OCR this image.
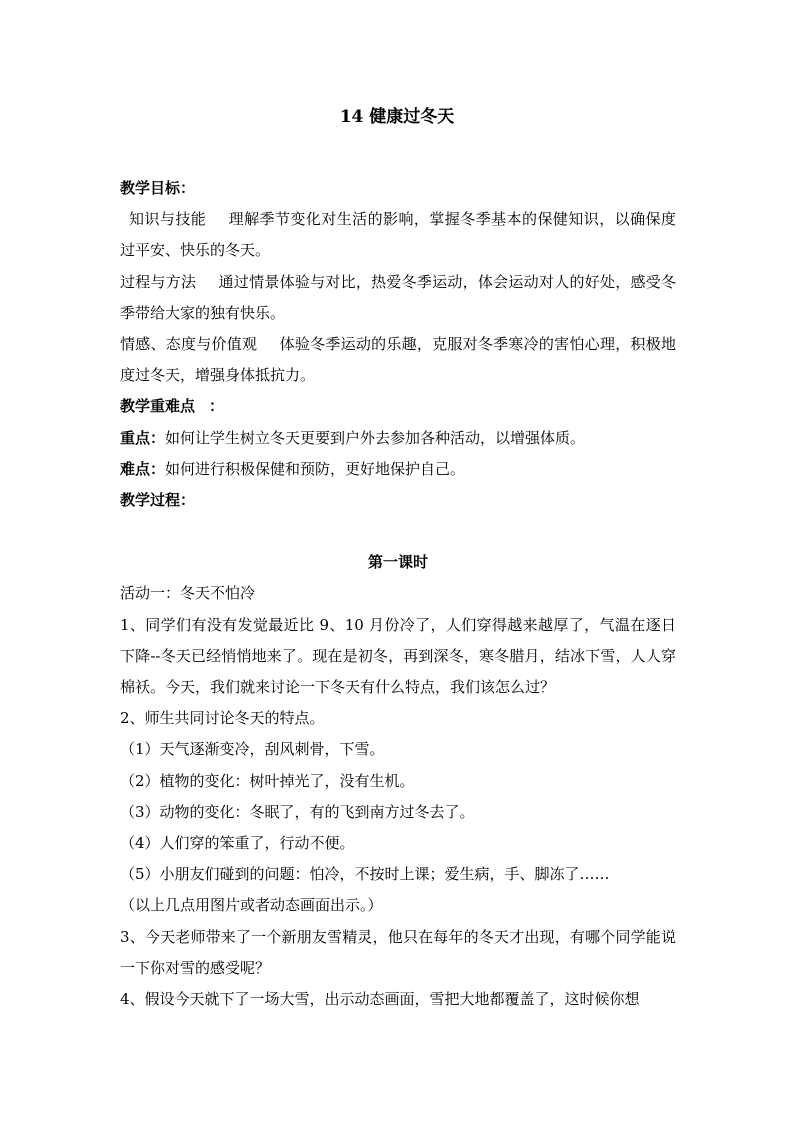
14 健康过冬天

教学目标：

知识与技能 理解季节变化对生活的影响，掌握冬季基本的保健知识，以确保度过平安、快乐的冬天。

过程与方法 通过情景体验与对比，热爱冬季运动，体会运动对人的好处，感受冬季带给大家的独有快乐。

情感、态度与价值观 体验冬季运动的乐趣，克服对冬季寒冷的害怕心理，积极地度过冬天，增强身体抵抗力。

教学重难点 ：

重点：如何让学生树立冬天更要到户外去参加各种活动，以增强体质。

难点：如何进行积极保健和预防，更好地保护自己。

教学过程：

第一课时

活动一：冬天不怕冷

1、同学们有没有发觉最近比 9、10 月份冷了，人们穿得越来越厚了，气温在逐日下降--冬天已经悄悄地来了。现在是初冬，再到深冬，寒冬腊月，结冰下雪，人人穿棉袄。今天，我们就来讨论一下冬天有什么特点，我们该怎么过？

2、师生共同讨论冬天的特点。

（1）天气逐渐变冷，刮风刺骨，下雪。

（2）植物的变化：树叶掉光了，没有生机。

（3）动物的变化：冬眠了，有的飞到南方过冬去了。

（4）人们穿的笨重了，行动不便。

（5）小朋友们碰到的问题：怕冷，不按时上课；爱生病，手、脚冻了……

（以上几点用图片或者动态画面出示。）

3、今天老师带来了一个新朋友雪精灵，他只在每年的冬天才出现，有哪个同学能说一下你对雪的感受呢？

4、假设今天就下了一场大雪，出示动态画面，雪把大地都覆盖了，这时候你想
